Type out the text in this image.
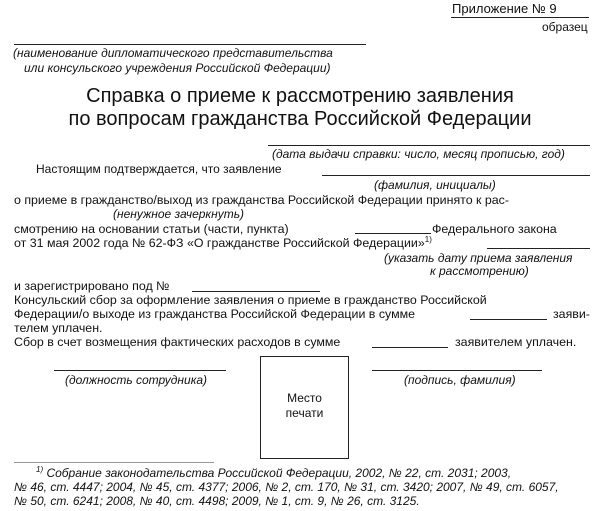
Приложение № 9
образец
(наименование дипломатического представительства
или консульского учреждения Российской Федерации)
Справка о приеме к рассмотрению заявления
по вопросам гражданства Российской Федерации
(дата выдачи справки: число, месяц прописью, год)
Настоящим подтверждается, что заявление
(фамилия, инициалы)
о приеме в гражданство/выход из гражданства Российской Федерации принято к рас-
(ненужное зачеркнуть)
смотрению на основании статьи (части, пункта)	Федерального закона
от 31 мая 2002 года № 62-ФЗ «О гражданстве Российской Федерации»$^{1)}$
(указать дату приема заявления
к рассмотрению)
и зарегистрировано под №
Консульский сбор за оформление заявления о приеме в гражданство Российской
Федерации/о выходе из гражданства Российской Федерации в сумме	заяви-
телем уплачен.
Сбор в счет возмещения фактических расходов в сумме	заявителем уплачен.
(должность сотрудника)
Место
печати
(подпись, фамилия)
$^{1)}$ Собрание законодательства Российской Федерации, 2002, № 22, ст. 2031; 2003,
№ 46, ст. 4447; 2004, № 45, ст. 4377; 2006, № 2, ст. 170, № 31, ст. 3420; 2007, № 49, ст. 6057,
№ 50, ст. 6241; 2008, № 40, ст. 4498; 2009, № 1, ст. 9, № 26, ст. 3125.
